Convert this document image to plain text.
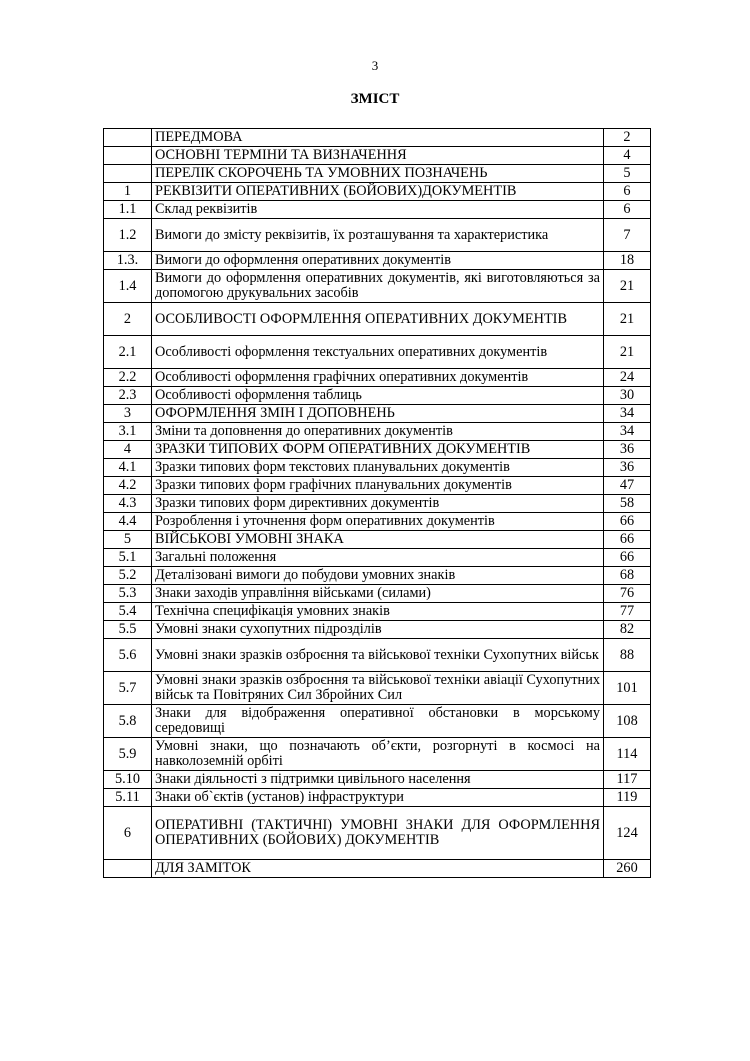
3
ЗМІСТ
	ПЕРЕДМОВА	2
	ОСНОВНІ ТЕРМІНИ ТА ВИЗНАЧЕННЯ	4
	ПЕРЕЛІК СКОРОЧЕНЬ ТА УМОВНИХ ПОЗНАЧЕНЬ	5
1	РЕКВІЗИТИ ОПЕРАТИВНИХ (БОЙОВИХ)ДОКУМЕНТІВ	6
1.1	Склад реквізитів	6
1.2	Вимоги до змісту реквізитів, їх розташування та характеристика	7
1.3.	Вимоги до оформлення оперативних документів	18
1.4	Вимоги до оформлення оперативних документів, які виготовляються за допомогою друкувальних засобів	21
2	ОСОБЛИВОСТІ ОФОРМЛЕННЯ ОПЕРАТИВНИХ ДОКУМЕНТІВ	21
2.1	Особливості оформлення текстуальних оперативних документів	21
2.2	Особливості оформлення графічних оперативних документів	24
2.3	Особливості оформлення таблиць	30
3	ОФОРМЛЕННЯ ЗМІН І ДОПОВНЕНЬ	34
3.1	Зміни та доповнення до оперативних документів	34
4	ЗРАЗКИ ТИПОВИХ ФОРМ ОПЕРАТИВНИХ ДОКУМЕНТІВ	36
4.1	Зразки типових форм текстових планувальних документів	36
4.2	Зразки типових форм графічних планувальних документів	47
4.3	Зразки типових форм директивних документів	58
4.4	Розроблення і уточнення форм оперативних документів	66
5	ВІЙСЬКОВІ УМОВНІ ЗНАКА	66
5.1	Загальні положення	66
5.2	Деталізовані вимоги до побудови умовних знаків	68
5.3	Знаки заходів управління військами (силами)	76
5.4	Технічна специфікація умовних знаків	77
5.5	Умовні знаки сухопутних підрозділів	82
5.6	Умовні знаки зразків озброєння та військової техніки Сухопутних військ	88
5.7	Умовні знаки зразків озброєння та військової техніки авіації Сухопутних військ та Повітряних Сил Збройних Сил	101
5.8	Знаки для відображення оперативної обстановки в морському середовищі	108
5.9	Умовні знаки, що позначають об’єкти, розгорнуті в космосі на навколоземній орбіті	114
5.10	Знаки діяльності з підтримки цивільного населення	117
5.11	Знаки об`єктів (установ) інфраструктури	119
6	ОПЕРАТИВНІ (ТАКТИЧНІ) УМОВНІ ЗНАКИ ДЛЯ ОФОРМЛЕННЯ ОПЕРАТИВНИХ (БОЙОВИХ) ДОКУМЕНТІВ	124
	ДЛЯ ЗАМІТОК	260
